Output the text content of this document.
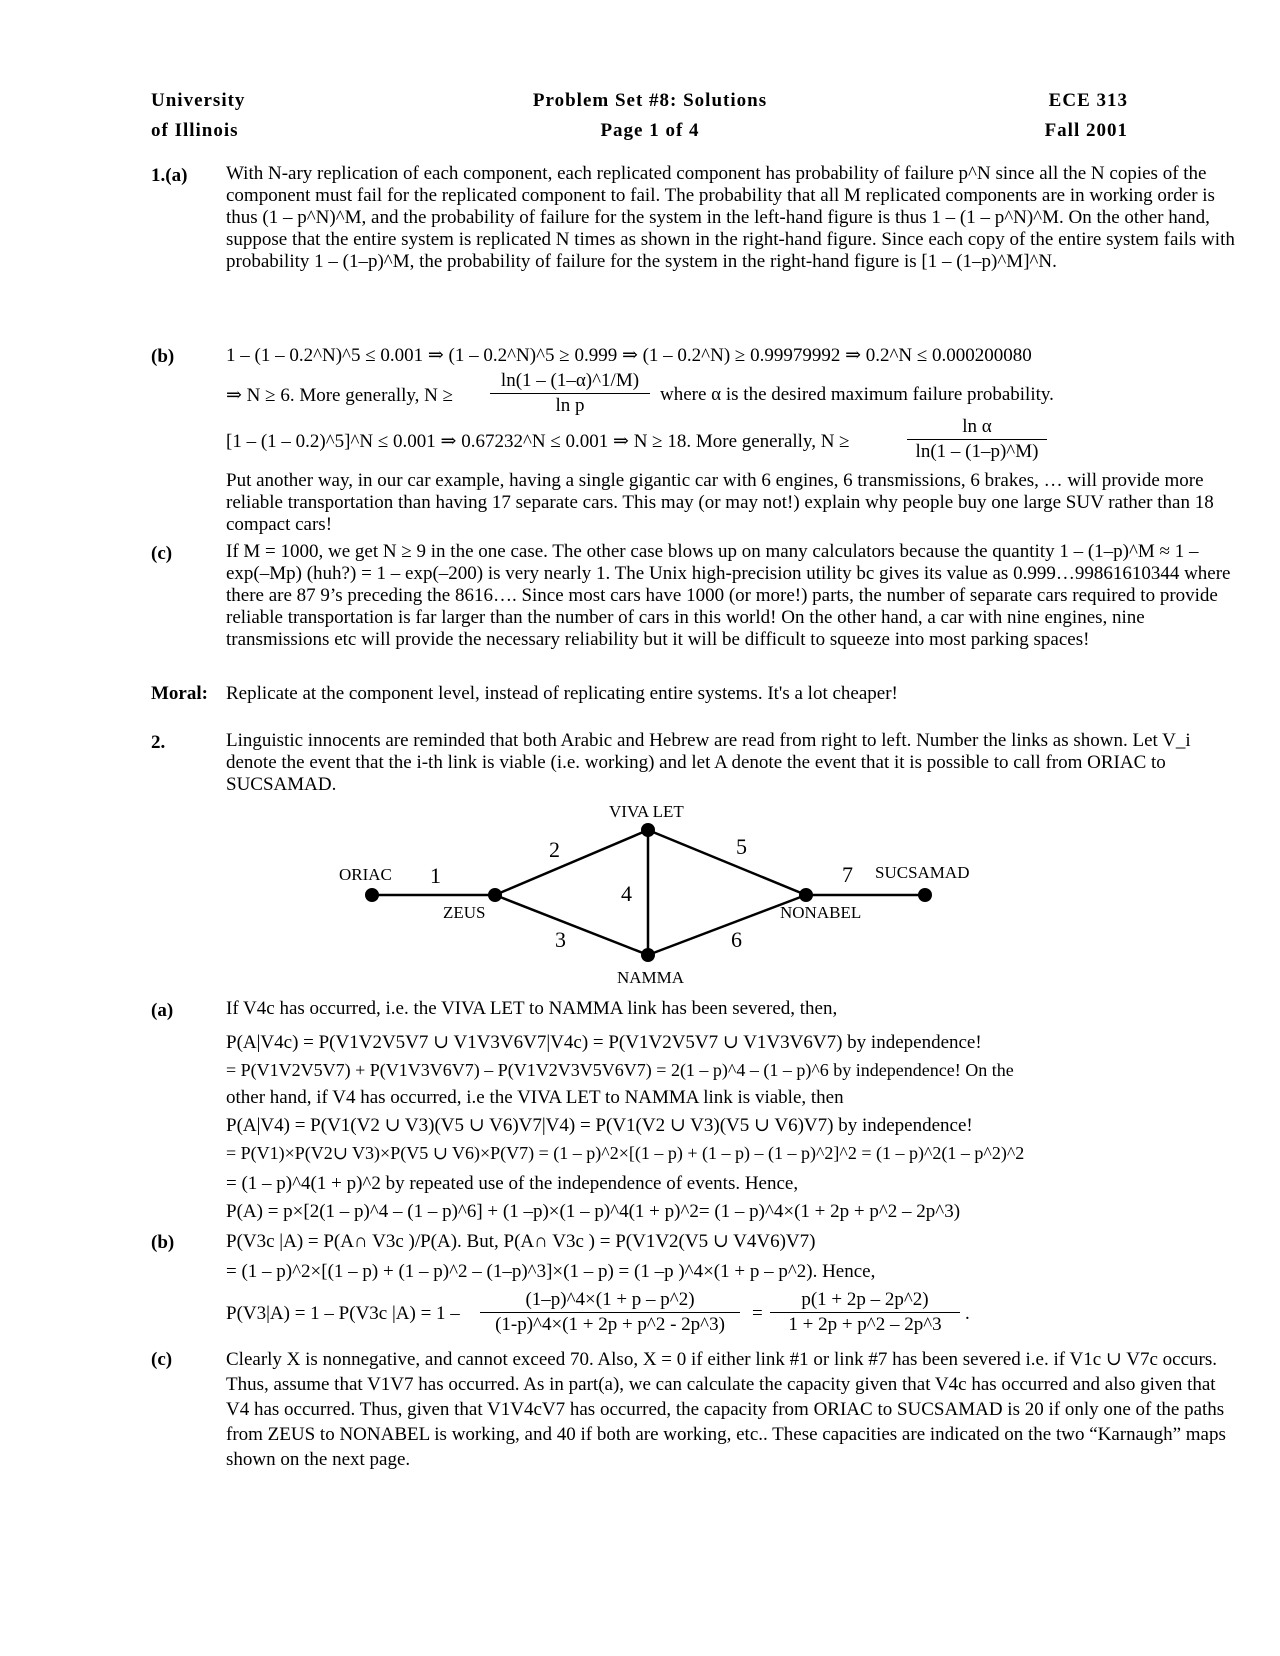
University
of Illinois
Problem Set #8: Solutions
Page 1 of 4
ECE 313
Fall 2001
1.(a) With N-ary replication of each component, each replicated component has probability of failure p^N since all the N copies of the component must fail for the replicated component to fail. The probability that all M replicated components are in working order is thus (1 – p^N)^M, and the probability of failure for the system in the left-hand figure is thus 1 – (1 – p^N)^M. On the other hand, suppose that the entire system is replicated N times as shown in the right-hand figure. Since each copy of the entire system fails with probability 1 – (1–p)^M, the probability of failure for the system in the right-hand figure is [1 – (1–p)^M]^N.
(b)	1 – (1 – 0.2^N)^5 ≤ 0.001 ⇒ (1 – 0.2^N)^5 ≥ 0.999 ⇒ (1 – 0.2^N) ≥ 0.99979992 ⇒ 0.2^N ≤ 0.000200080
⇒ N ≥ 6. More generally, $N \ge \frac{\ln(1 - (1-\alpha)\^{}1/M)}{\text{ln p}}$ where α is the desired maximum failure probability.
[1 – (1 – 0.2)^5]^N ≤ 0.001 ⇒ 0.67232^N ≤ 0.001 ⇒ N ≥ 18. More generally, N ≥	$\frac{\text{ln α}}{\ln(1 - (1-p)\^{}M)}$
Put another way, in our car example, having a single gigantic car with 6 engines, 6 transmissions, 6 brakes, … will provide more reliable transportation than having 17 separate cars. This may (or may not!) explain why people buy one large SUV rather than 18 compact cars!
(c)	If M = 1000, we get N ≥ 9 in the one case. The other case blows up on many calculators because the quantity 1 – (1–p)^M ≈ 1 – exp(–Mp) (huh?) = 1 – exp(–200) is very nearly 1. The Unix high-precision utility bc gives its value as 0.999…99861610344 where there are 87 9’s preceding the 8616…. Since most cars have 1000 (or more!) parts, the number of separate cars required to provide reliable transportation is far larger than the number of cars in this world! On the other hand, a car with nine engines, nine transmissions etc will provide the necessary reliability but it will be difficult to squeeze into most parking spaces!
Moral: Replicate at the component level, instead of replicating entire systems. It's a lot cheaper!
2.	Linguistic innocents are reminded that both Arabic and Hebrew are read from right to left. Number the links as shown. Let V_i denote the event that the i-th link is viable (i.e. working) and let A denote the event that it is possible to call from ORIAC to SUCSAMAD.
ORIAC
ZEUS
VIVA LET
NAMMA
NONABEL
SUCSAMAD
1
2
3
4
5
6
7
(a)	If V4c has occurred, i.e. the VIVA LET to NAMMA link has been severed, then,
P(A|V4c) = P(V1V2V5V7 ∪ V1V3V6V7|V4c) = P(V1V2V5V7 ∪ V1V3V6V7) by independence!
= P(V1V2V5V7) + P(V1V3V6V7) – P(V1V2V3V5V6V7) = 2(1 – p)^4 – (1 – p)^6 by independence! On the
other hand, if V4 has occurred, i.e the VIVA LET to NAMMA link is viable, then
P(A|V4) = P(V1(V2 ∪ V3)(V5 ∪ V6)V7|V4) = P(V1(V2 ∪ V3)(V5 ∪ V6)V7) by independence!
= P(V1)×P(V2∪ V3)×P(V5 ∪ V6)×P(V7) = (1 – p)^2×[(1 – p) + (1 – p) – (1 – p)^2]^2 = (1 – p)^2(1 – p^2)^2
= (1 – p)^4(1 + p)^2 by repeated use of the independence of events. Hence,
P(A) = p×[2(1 – p)^4 – (1 – p)^6] + (1 –p)×(1 – p)^4(1 + p)^2= (1 – p)^4×(1 + 2p + p^2 – 2p^3)
(b)	P(V3c |A) = P(A∩ V3c )/P(A). But, P(A∩ V3c ) = P(V1V2(V5 ∪ V4V6)V7)
= (1 – p)^2×[(1 – p) + (1 – p)^2 – (1–p)^3]×(1 – p) = (1 –p )^4×(1 + p – p^2). Hence,
P(V3|A) = 1 – P(V3c $|A) = 1 - \frac{(1-p)\^{}4\times(1 + p - p\^{}2)}{(1-p)\^{}4\times(1 + 2p + p\^{}2 - 2p\^{}3)} = \frac{p(1 + 2p - 2p\^{}2)}{1 + 2p + p\^{}2 - 2p\^{}3}$ .
(c)	Clearly X is nonnegative, and cannot exceed 70. Also, X = 0 if either link #1 or link #7 has been severed i.e. if V1c ∪ V7c occurs. Thus, assume that V1V7 has occurred. As in part(a), we can calculate the capacity given that V4c has occurred and also given that V4 has occurred. Thus, given that V1V4cV7 has occurred, the capacity from ORIAC to SUCSAMAD is 20 if only one of the paths from ZEUS to NONABEL is working, and 40 if both are working, etc.. These capacities are indicated on the two “Karnaugh” maps shown on the next page.
